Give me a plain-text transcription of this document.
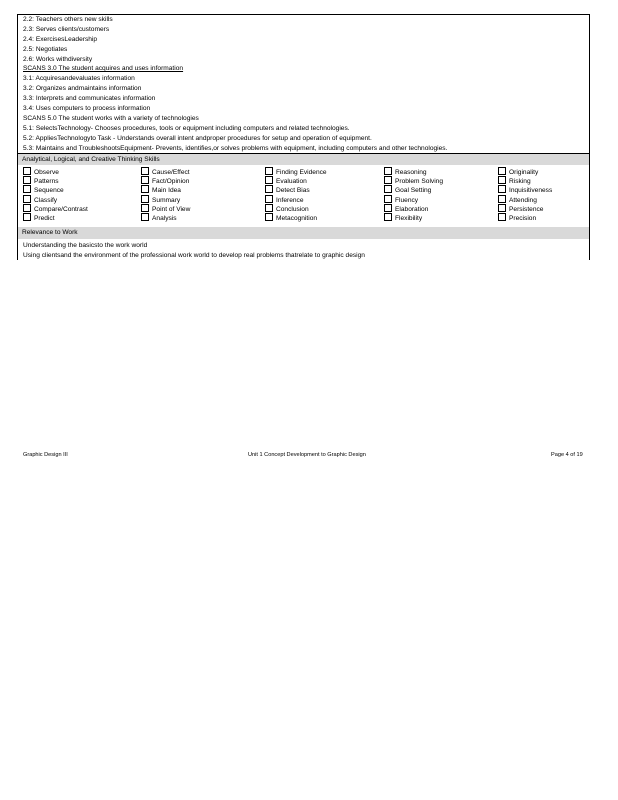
2.2: Teachers others new skills
2.3: Serves clients/customers
2.4: ExercisesLeadership
2.5: Negotiates
2.6: Works withdiversity
SCANS 3.0 The student acquires and uses information
3.1: Acquiresandevaluates information
3.2: Organizes andmaintains information
3.3: Interprets and communicates information
3.4: Uses computers to process information
SCANS 5.0 The student works with a variety of technologies
5.1: SelectsTechnology- Chooses procedures, tools or equipment including computers and related technologies.
5.2: AppliesTechnologyto Task - Understands overall intent andproper procedures for setup and operation of equipment.
5.3: Maintains and TroubleshootsEquipment- Prevents, identifies,or solves problems with equipment, including computers and other technologies.
Analytical, Logical, and Creative Thinking Skills
Observe
Patterns
Sequence
Classify
Compare/Contrast
Predict
Cause/Effect
Fact/Opinion
Main Idea
Summary
Point of View
Analysis
Finding Evidence
Evaluation
Detect Bias
Inference
Conclusion
Metacognition
Reasoning
Problem Solving
Goal Setting
Fluency
Elaboration
Flexibility
Originality
Risking
Inquisitiveness
Attending
Persistence
Precision
Relevance to Work
Understanding the basicsto the work world
Using clientsand the environment of the professional work world to develop real problems thatrelate to graphic design
Graphic Design III	Unit 1 Concept Development to Graphic Design	Page 4 of 19
